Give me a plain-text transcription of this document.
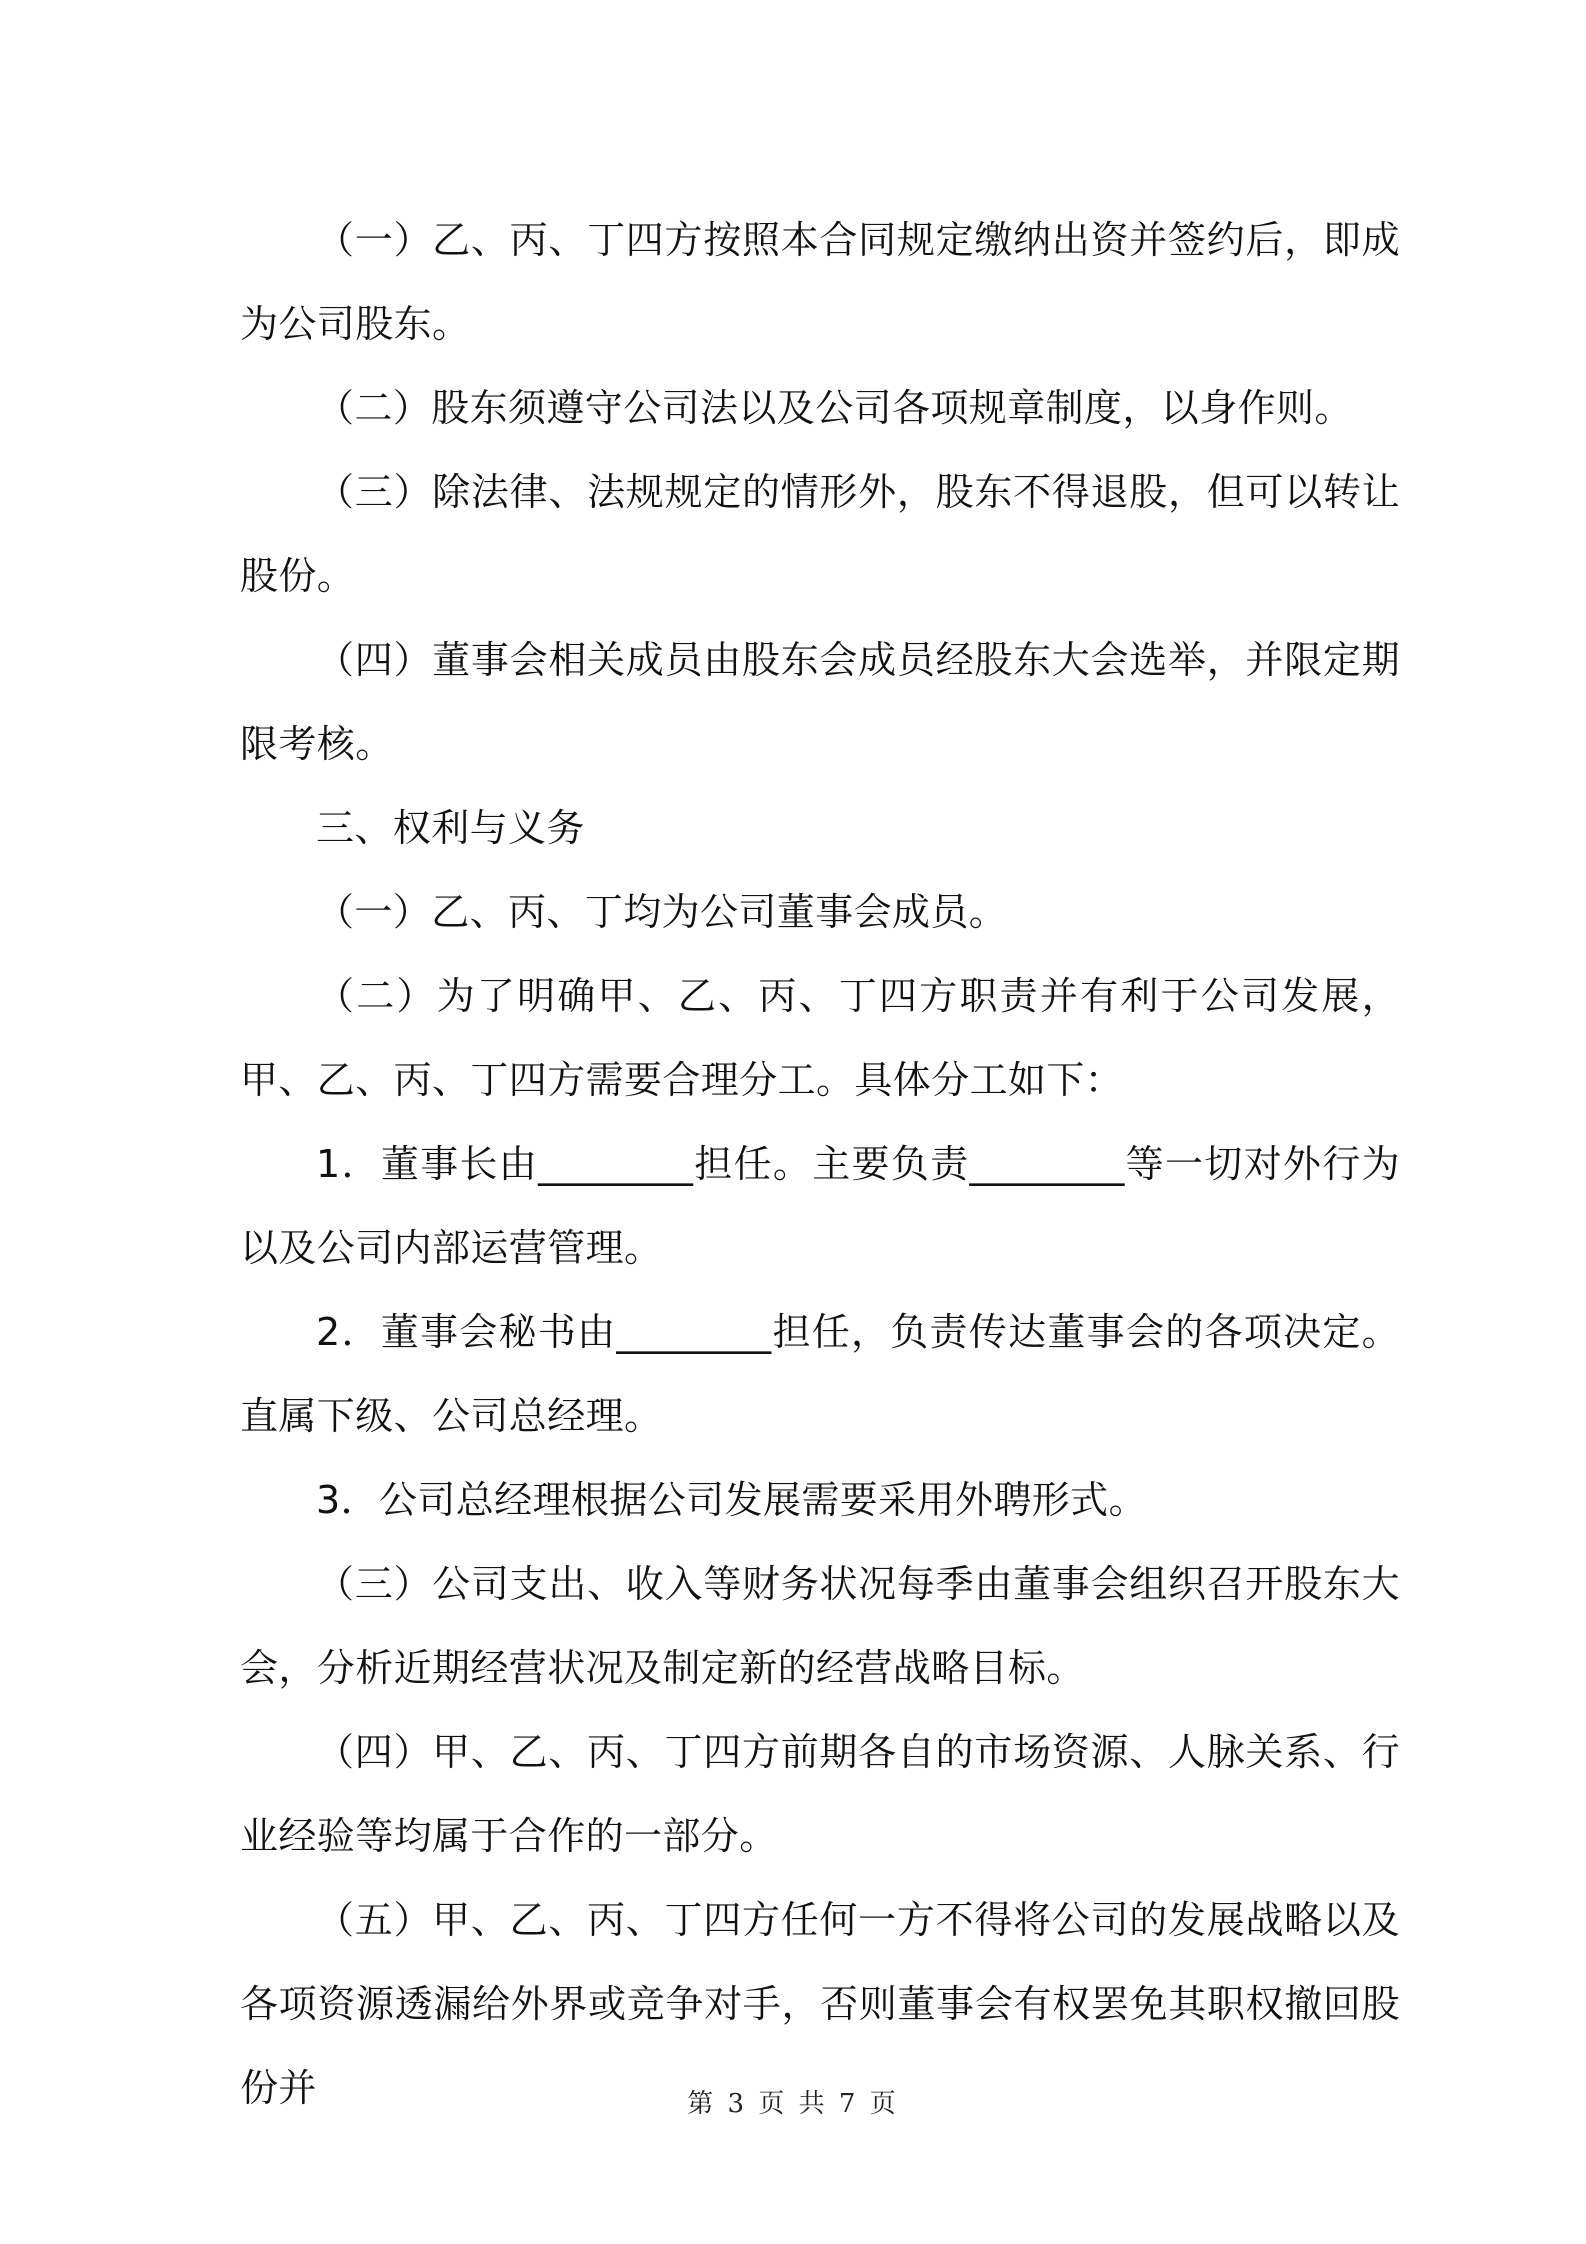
（一）乙、丙、丁四方按照本合同规定缴纳出资并签约后，即成为公司股东。

（二）股东须遵守公司法以及公司各项规章制度，以身作则。

（三）除法律、法规规定的情形外，股东不得退股，但可以转让股份。

（四）董事会相关成员由股东会成员经股东大会选举，并限定期限考核。

三、权利与义务

（一）乙、丙、丁均为公司董事会成员。

（二）为了明确甲、乙、丙、丁四方职责并有利于公司发展，甲、乙、丙、丁四方需要合理分工。具体分工如下：

1．董事长由________担任。主要负责________等一切对外行为以及公司内部运营管理。

2．董事会秘书由________担任，负责传达董事会的各项决定。直属下级、公司总经理。

3．公司总经理根据公司发展需要采用外聘形式。

（三）公司支出、收入等财务状况每季由董事会组织召开股东大会，分析近期经营状况及制定新的经营战略目标。

（四）甲、乙、丙、丁四方前期各自的市场资源、人脉关系、行业经验等均属于合作的一部分。

（五）甲、乙、丙、丁四方任何一方不得将公司的发展战略以及各项资源透漏给外界或竞争对手，否则董事会有权罢免其职权撤回股份并	第 3 页 共 7 页
